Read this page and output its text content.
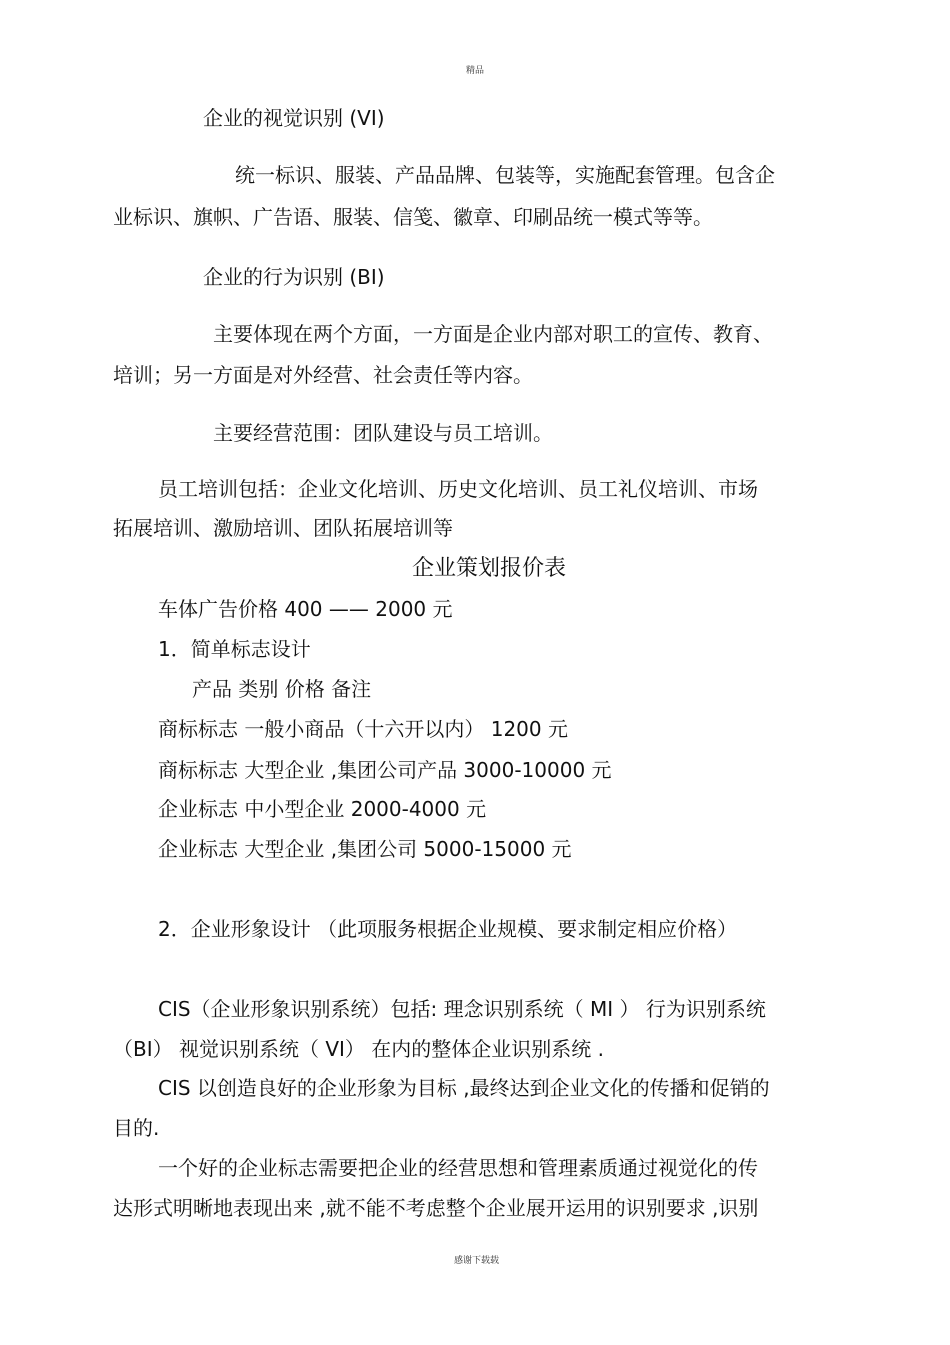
精品
企业的视觉识别 (VI)
统一标识、服装、产品品牌、包装等，实施配套管理。包含企
业标识、旗帜、广告语、服装、信笺、徽章、印刷品统一模式等等。
企业的行为识别 (BI)
主要体现在两个方面，一方面是企业内部对职工的宣传、教育、
培训；另一方面是对外经营、社会责任等内容。
主要经营范围：团队建设与员工培训。
员工培训包括：企业文化培训、历史文化培训、员工礼仪培训、市场
拓展培训、激励培训、团队拓展培训等
企业策划报价表
车体广告价格 400 —— 2000 元
1．简单标志设计
产品 类别 价格 备注
商标标志 一般小商品（十六开以内） 1200 元
商标标志 大型企业 ,集团公司产品 3000-10000 元
企业标志 中小型企业 2000-4000 元
企业标志 大型企业 ,集团公司 5000-15000 元
2．企业形象设计 （此项服务根据企业规模、要求制定相应价格）
CIS（企业形象识别系统）包括: 理念识别系统（ MI ） 行为识别系统
（BI） 视觉识别系统（ VI） 在内的整体企业识别系统 .
CIS 以创造良好的企业形象为目标 ,最终达到企业文化的传播和促销的
目的.
一个好的企业标志需要把企业的经营思想和管理素质通过视觉化的传
达形式明晰地表现出来 ,就不能不考虑整个企业展开运用的识别要求 ,识别
感谢下载载
